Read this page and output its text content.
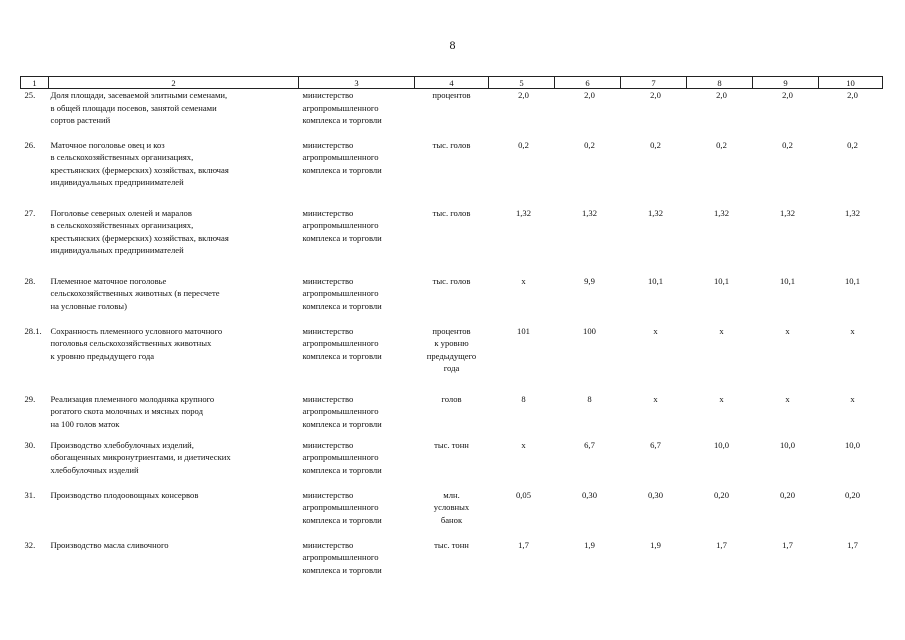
8
1	2	3	4	5	6	7	8	9	10
25.	Доля площади, засеваемой элитными семенами,
в общей площади посевов, занятой семенами
сортов растений	министерство
агропромышленного
комплекса и торговли	процентов	2,0	2,0	2,0	2,0	2,0	2,0
26.	Маточное поголовье овец и коз
в сельскохозяйственных организациях,
крестьянских (фермерских) хозяйствах, включая
индивидуальных предпринимателей	министерство
агропромышленного
комплекса и торговли	тыс. голов	0,2	0,2	0,2	0,2	0,2	0,2
27.	Поголовье северных оленей и маралов
в сельскохозяйственных организациях,
крестьянских (фермерских) хозяйствах, включая
индивидуальных предпринимателей	министерство
агропромышленного
комплекса и торговли	тыс. голов	1,32	1,32	1,32	1,32	1,32	1,32
28.	Племенное маточное поголовье
сельскохозяйственных животных (в пересчете
на условные головы)	министерство
агропромышленного
комплекса и торговли	тыс. голов	х	9,9	10,1	10,1	10,1	10,1
28.1.	Сохранность племенного условного маточного
поголовья сельскохозяйственных животных
к уровню предыдущего года	министерство
агропромышленного
комплекса и торговли	процентов
к уровню
предыдущего
года	101	100	х	х	х	х
29.	Реализация племенного молодняка крупного
рогатого скота молочных и мясных пород
на 100 голов маток	министерство
агропромышленного
комплекса и торговли	голов	8	8	х	х	х	х
30.	Производство хлебобулочных изделий,
обогащенных микронутриентами, и диетических
хлебобулочных изделий	министерство
агропромышленного
комплекса и торговли	тыс. тонн	х	6,7	6,7	10,0	10,0	10,0
31.	Производство плодоовощных консервов	министерство
агропромышленного
комплекса и торговли	млн.
условных
банок	0,05	0,30	0,30	0,20	0,20	0,20
32.	Производство масла сливочного	министерство
агропромышленного
комплекса и торговли	тыс. тонн	1,7	1,9	1,9	1,7	1,7	1,7
